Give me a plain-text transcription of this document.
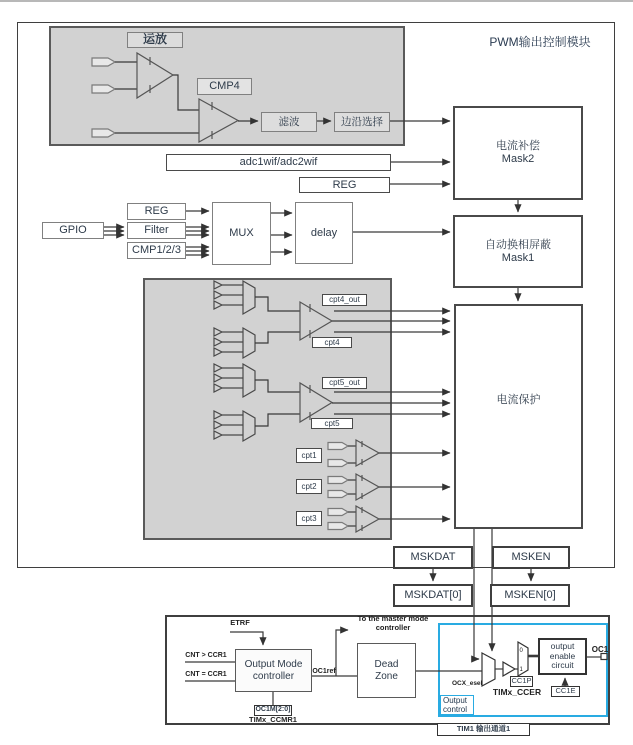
0
1
PWM输出控制模块
运放
CMP4
滤波	边沿选择
adc1wif/adc2wif
REG
REG
GPIO	Filter
CMP1/2/3
MUX	delay
电流补偿
Mask2
自动换相屏蔽
Mask1
电流保护
cpt4_out
cpt4
cpt5_out
cpt5
cpt1
cpt2
cpt3
MSKDAT	MSKEN
MSKDAT[0]	MSKEN[0]
ETRF
CNT > CCR1
CNT = CCR1
Output Mode
controller	OC1ref
To the master mode
controller
Dead
Zone
OCX_esel	CC1P
TIMx_CCER	CC1E
output
enable
circuit
OC1
Output
control
OC1M[2:0]
TIMx_CCMR1
TIM1 输出通道1
